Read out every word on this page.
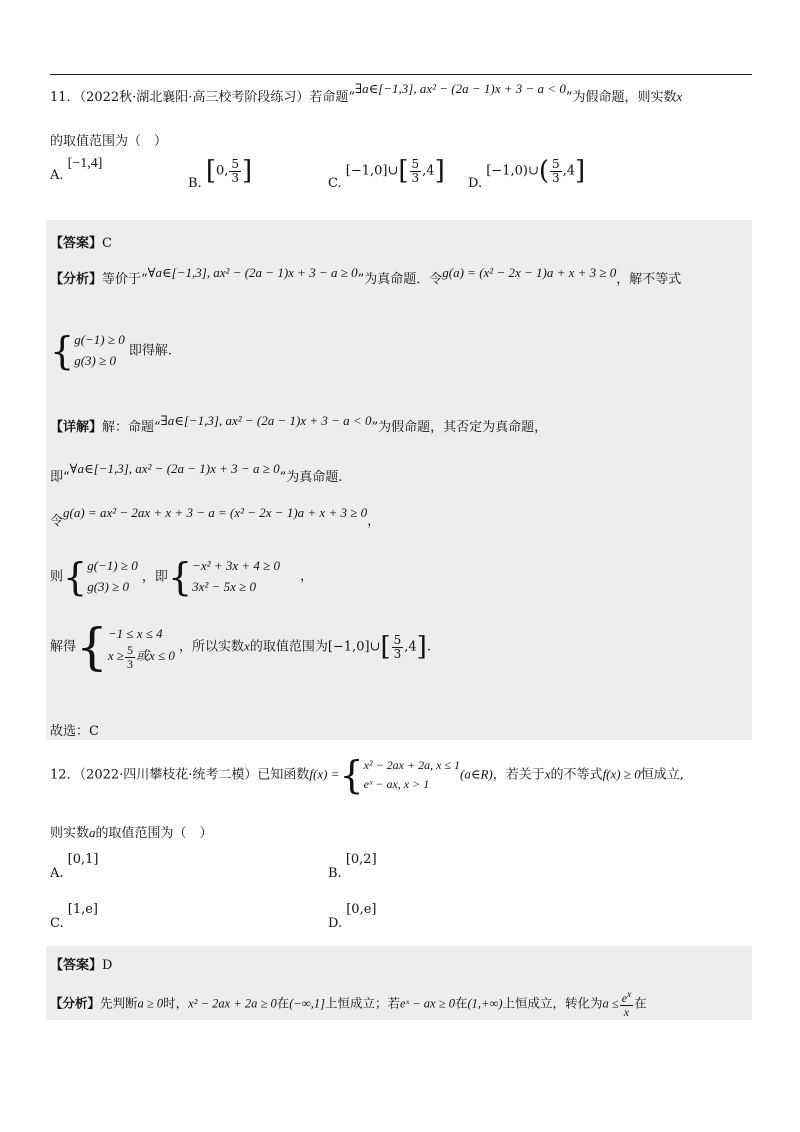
11．（2022秋·湖北襄阳·高三校考阶段练习）若命题“∃a∈[−1,3], ax² − (2a − 1)x + 3 − a < 0”为假命题，则实数x
的取值范围为（　）
A. [−1,4]
B. [0, $\frac{5}{3}$ ]	C. [−1,0]∪[ $\frac{5}{3} ,4$] D. [−1,0)∪( $\frac{5}{3} ,4$]
【答案】C
【分析】等价于“∀a∈[−1,3], ax² − (2a − 1)x + 3 − a ≥ 0”为真命题．令g(a) = (x² − 2x − 1)a + x + 3 ≥ 0，解不等式
{g(−1) ≥ 0
g(3) ≥ 0 即得解.
【详解】解：命题“∃a∈[−1,3], ax² − (2a − 1)x + 3 − a < 0”为假命题，其否定为真命题，
即“∀a∈[−1,3], ax² − (2a − 1)x + 3 − a ≥ 0”为真命题.
令g(a) = ax² − 2ax + x + 3 − a = (x² − 2x − 1)a + x + 3 ≥ 0，
则{g(−1) ≥ 0
g(3) ≥ 0 ，即{−x² + 3x + 4 ≥ 0
3x² − 5x ≥ 0 ，
解得{−1 ≤ x ≤ 4
$x \ge \frac{5}{3}$ 或x ≤ 0 ，所以实数x的取值范围为[−1,0]∪[ $\frac{5}{3} ,4$].
故选：C
12．（2022·四川攀枝花·统考二模）已知函数f(x) ={x² − 2ax + 2a, x ≤ 1
eˣ − ax, x > 1(a∈R)，若关于x的不等式f(x) ≥ 0恒成立,
则实数a的取值范围为（　）
A. [0,1]
B. [0,2]
C. [1,e]
D. [0,e]
【答案】D
【分析】先判断a ≥ 0时，x² − 2ax + 2a ≥ 0在(−∞,1]上恒成立；若eˣ − ax ≥ 0在(1,+∞)上恒成立，转化为$a \le \frac{e^x}{x}$ 在
